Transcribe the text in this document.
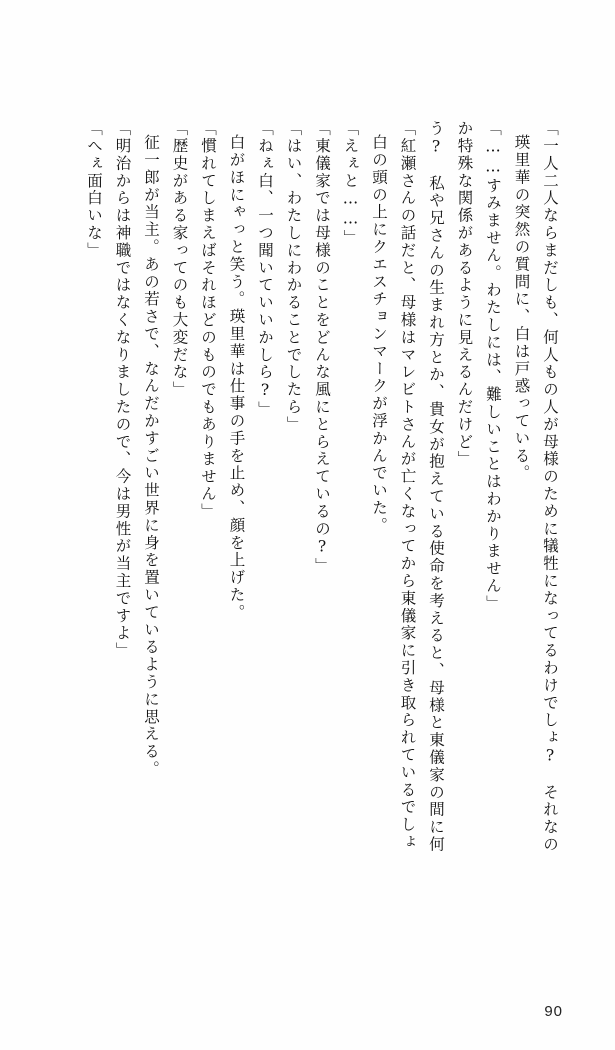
「へぇ面白いな」 「明治からは神職ではなくなりましたので、今は男性が当主ですよ」 征一郎が当主。あの若さで、なんだかすごい世界に身を置いているように思える。 「歴史がある家ってのも大変だな」 「慣れてしまえばそれほどのものでもありません」 白がほにゃっと笑う。瑛里華は仕事の手を止め、顔を上げた。 「ねぇ白、一つ聞いていいかしら?」 「はい、わたしにわかることでしたら」 「東儀家では母様のことをどんな風にとらえているの?」 「えぇと……」 白の頭の上にクエスチョンマークが浮かんでいた。 「紅瀬さんの話だと、母様はマレビトさんが亡くなってから東儀家に引き取られているでしょ う?　私や兄さんの生まれ方とか、貴女が抱えている使命を考えると、母様と東儀家の間に何 か特殊な関係があるように見えるんだけど」 「……すみません。わたしには、難しいことはわかりません」 瑛里華の突然の質問に、白は戸惑っている。 「一人二人ならまだしも、何人もの人が母様のために犠牲になってるわけでしょ?　それなの
90
